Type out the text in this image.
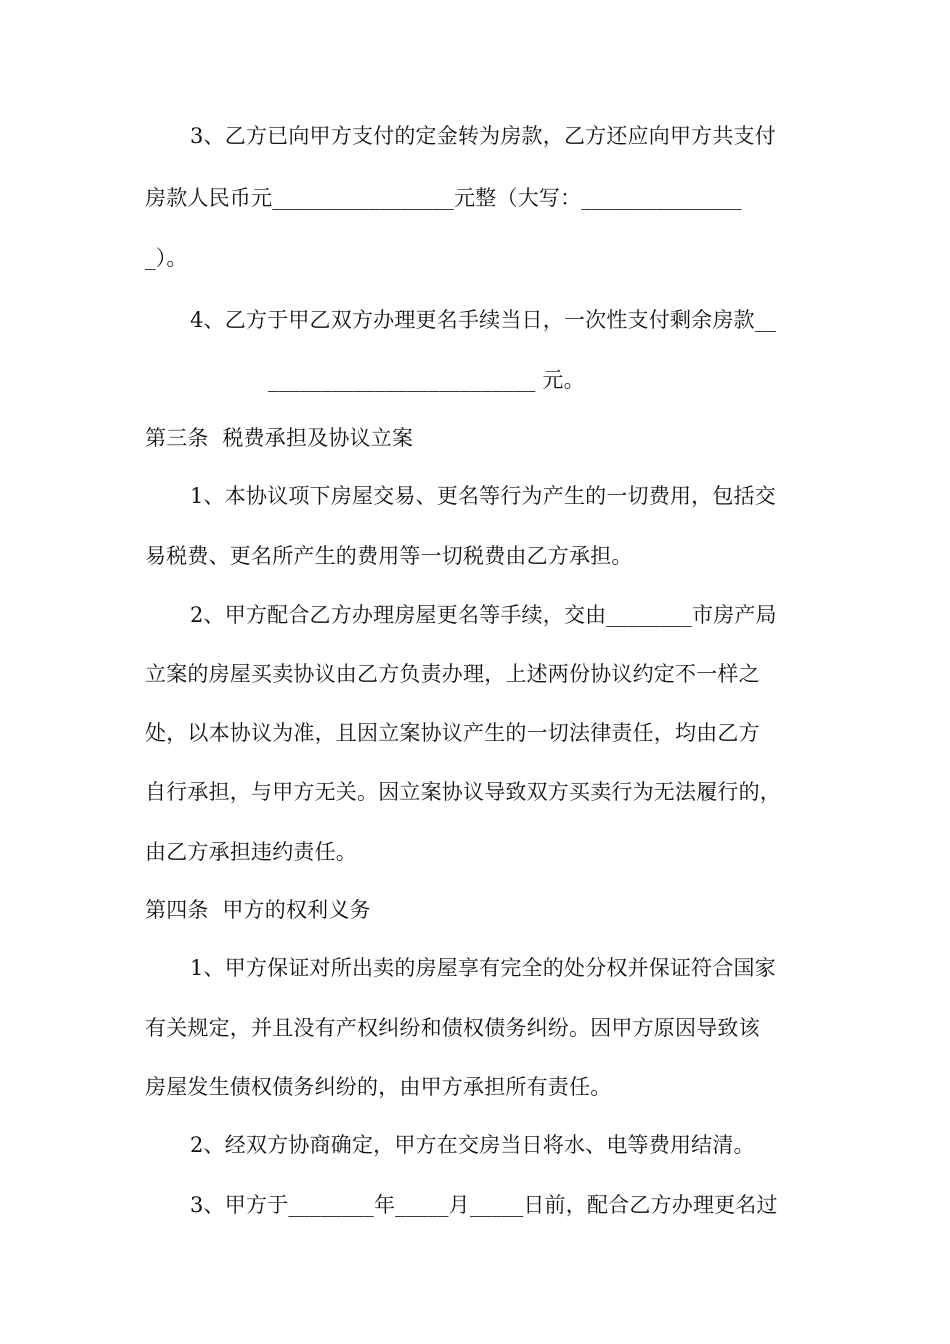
3、乙方已向甲方支付的定金转为房款，乙方还应向甲方共支付
房款人民币元_________________元整（大写：_______________
_）。
4、乙方于甲乙双方办理更名手续当日，一次性支付剩余房款__
_________________________ 元。
第三条  税费承担及协议立案
1、本协议项下房屋交易、更名等行为产生的一切费用，包括交
易税费、更名所产生的费用等一切税费由乙方承担。
2、甲方配合乙方办理房屋更名等手续，交由________市房产局
立案的房屋买卖协议由乙方负责办理，上述两份协议约定不一样之
处，以本协议为准，且因立案协议产生的一切法律责任，均由乙方
自行承担，与甲方无关。因立案协议导致双方买卖行为无法履行的，
由乙方承担违约责任。
第四条  甲方的权利义务
1、甲方保证对所出卖的房屋享有完全的处分权并保证符合国家
有关规定，并且没有产权纠纷和债权债务纠纷。因甲方原因导致该
房屋发生债权债务纠纷的，由甲方承担所有责任。
2、经双方协商确定，甲方在交房当日将水、电等费用结清。
3、甲方于________年_____月_____日前，配合乙方办理更名过
